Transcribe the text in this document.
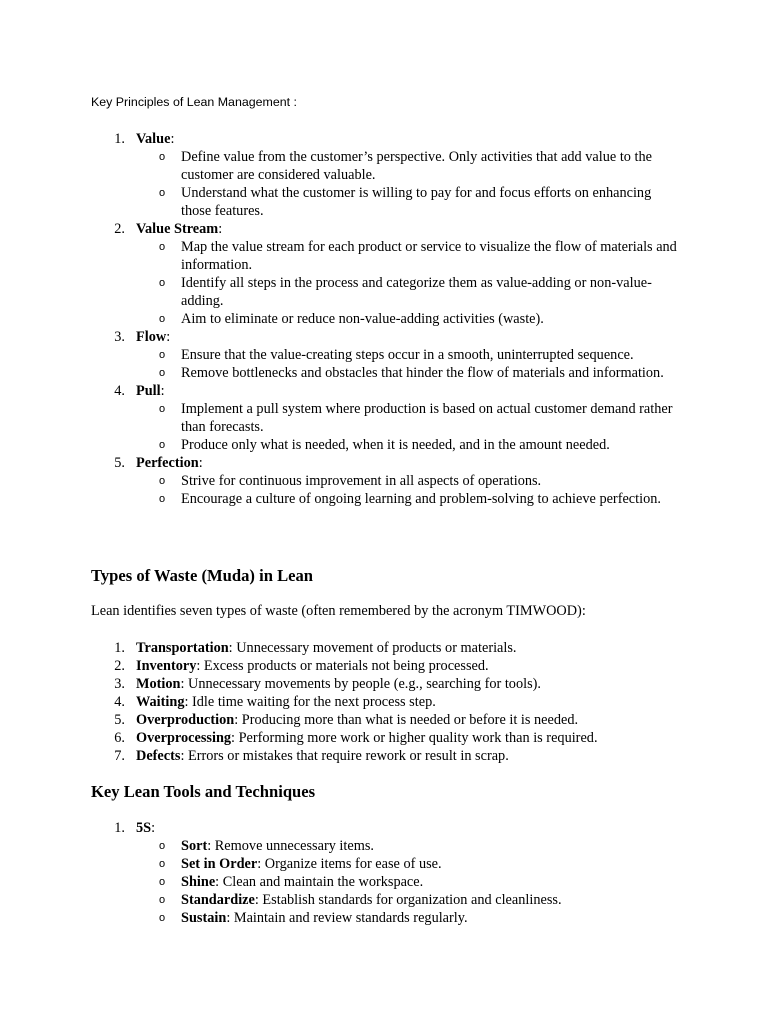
Key Principles of Lean Management :
1. Value:
o Define value from the customer’s perspective. Only activities that add value to the customer are considered valuable.
o Understand what the customer is willing to pay for and focus efforts on enhancing those features.
2. Value Stream:
o Map the value stream for each product or service to visualize the flow of materials and information.
o Identify all steps in the process and categorize them as value-adding or non-value-adding.
o Aim to eliminate or reduce non-value-adding activities (waste).
3. Flow:
o Ensure that the value-creating steps occur in a smooth, uninterrupted sequence.
o Remove bottlenecks and obstacles that hinder the flow of materials and information.
4. Pull:
o Implement a pull system where production is based on actual customer demand rather than forecasts.
o Produce only what is needed, when it is needed, and in the amount needed.
5. Perfection:
o Strive for continuous improvement in all aspects of operations.
o Encourage a culture of ongoing learning and problem-solving to achieve perfection.
Types of Waste (Muda) in Lean
Lean identifies seven types of waste (often remembered by the acronym TIMWOOD):
1. Transportation: Unnecessary movement of products or materials.
2. Inventory: Excess products or materials not being processed.
3. Motion: Unnecessary movements by people (e.g., searching for tools).
4. Waiting: Idle time waiting for the next process step.
5. Overproduction: Producing more than what is needed or before it is needed.
6. Overprocessing: Performing more work or higher quality work than is required.
7. Defects: Errors or mistakes that require rework or result in scrap.
Key Lean Tools and Techniques
1. 5S:
o Sort: Remove unnecessary items.
o Set in Order: Organize items for ease of use.
o Shine: Clean and maintain the workspace.
o Standardize: Establish standards for organization and cleanliness.
o Sustain: Maintain and review standards regularly.
